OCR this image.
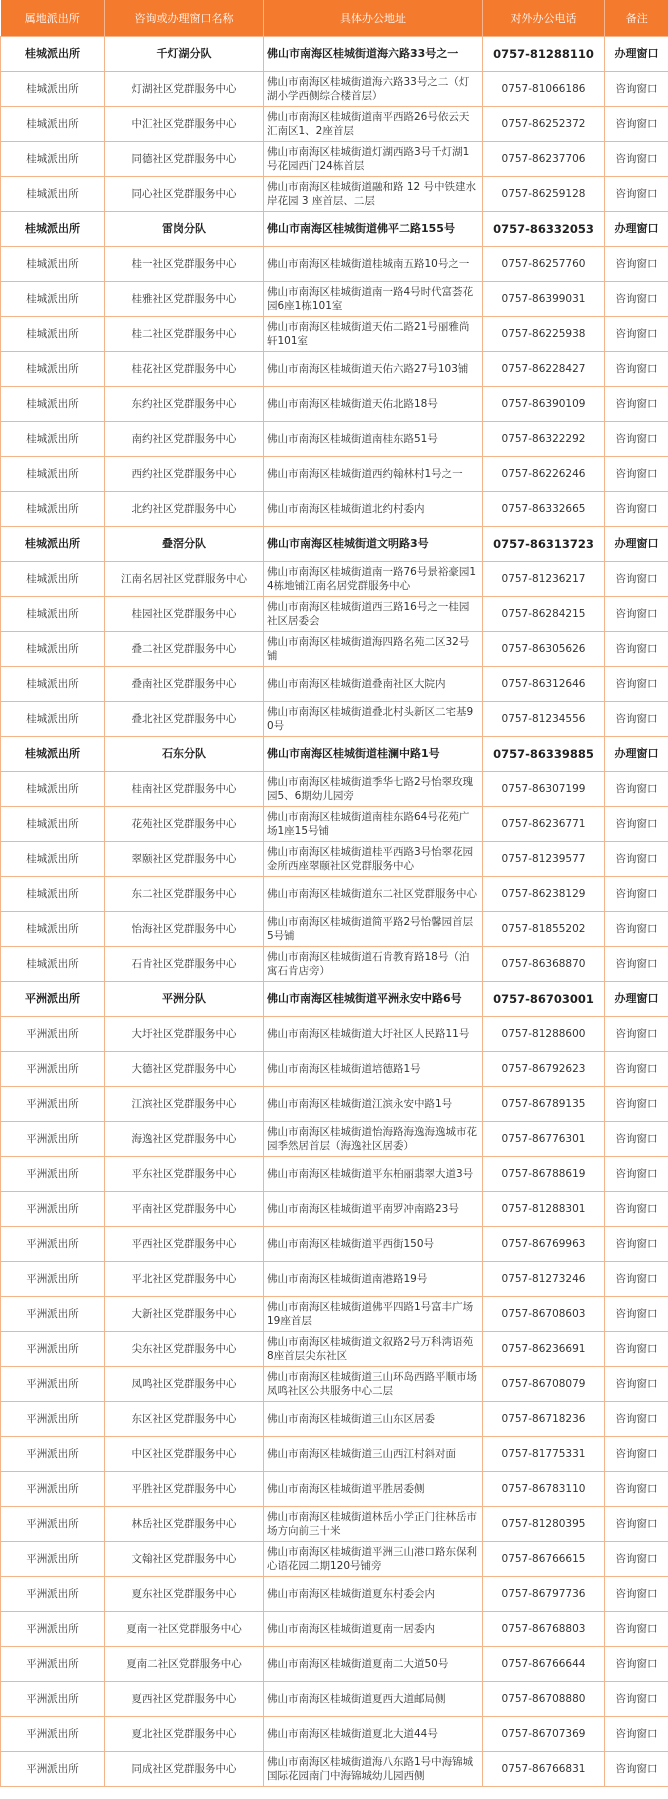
属地派出所	咨询或办理窗口名称	具体办公地址	对外办公电话	备注
桂城派出所	千灯湖分队	佛山市南海区桂城街道海六路33号之一	0757-81288110	办理窗口
桂城派出所	灯湖社区党群服务中心	佛山市南海区桂城街道海六路33号之二（灯湖小学西侧综合楼首层）	0757-81066186	咨询窗口
桂城派出所	中汇社区党群服务中心	佛山市南海区桂城街道南平西路26号依云天汇南区1、2座首层	0757-86252372	咨询窗口
桂城派出所	同德社区党群服务中心	佛山市南海区桂城街道灯湖西路3号千灯湖1号花园西门24栋首层	0757-86237706	咨询窗口
桂城派出所	同心社区党群服务中心	佛山市南海区桂城街道融和路 12 号中铁建水岸花园 3 座首层、二层	0757-86259128	咨询窗口
桂城派出所	雷岗分队	佛山市南海区桂城街道佛平二路155号	0757-86332053	办理窗口
桂城派出所	桂一社区党群服务中心	佛山市南海区桂城街道桂城南五路10号之一	0757-86257760	咨询窗口
桂城派出所	桂雅社区党群服务中心	佛山市南海区桂城街道南一路4号时代富荟花园6座1栋101室	0757-86399031	咨询窗口
桂城派出所	桂二社区党群服务中心	佛山市南海区桂城街道天佑二路21号丽雅尚轩101室	0757-86225938	咨询窗口
桂城派出所	桂花社区党群服务中心	佛山市南海区桂城街道天佑六路27号103铺	0757-86228427	咨询窗口
桂城派出所	东约社区党群服务中心	佛山市南海区桂城街道天佑北路18号	0757-86390109	咨询窗口
桂城派出所	南约社区党群服务中心	佛山市南海区桂城街道南桂东路51号	0757-86322292	咨询窗口
桂城派出所	西约社区党群服务中心	佛山市南海区桂城街道西约翰林村1号之一	0757-86226246	咨询窗口
桂城派出所	北约社区党群服务中心	佛山市南海区桂城街道北约村委内	0757-86332665	咨询窗口
桂城派出所	叠滘分队	佛山市南海区桂城街道文明路3号	0757-86313723	办理窗口
桂城派出所	江南名居社区党群服务中心	佛山市南海区桂城街道南一路76号景裕豪园14栋地铺江南名居党群服务中心	0757-81236217	咨询窗口
桂城派出所	桂园社区党群服务中心	佛山市南海区桂城街道西三路16号之一桂园社区居委会	0757-86284215	咨询窗口
桂城派出所	叠二社区党群服务中心	佛山市南海区桂城街道海四路名苑二区32号铺	0757-86305626	咨询窗口
桂城派出所	叠南社区党群服务中心	佛山市南海区桂城街道叠南社区大院内	0757-86312646	咨询窗口
桂城派出所	叠北社区党群服务中心	佛山市南海区桂城街道叠北村头新区二宅基90号	0757-81234556	咨询窗口
桂城派出所	石东分队	佛山市南海区桂城街道桂澜中路1号	0757-86339885	办理窗口
桂城派出所	桂南社区党群服务中心	佛山市南海区桂城街道季华七路2号怡翠玫瑰园5、6期幼儿园旁	0757-86307199	咨询窗口
桂城派出所	花苑社区党群服务中心	佛山市南海区桂城街道南桂东路64号花苑广场1座15号铺	0757-86236771	咨询窗口
桂城派出所	翠颐社区党群服务中心	佛山市南海区桂城街道桂平西路3号怡翠花园金所西座翠颐社区党群服务中心	0757-81239577	咨询窗口
桂城派出所	东二社区党群服务中心	佛山市南海区桂城街道东二社区党群服务中心	0757-86238129	咨询窗口
桂城派出所	怡海社区党群服务中心	佛山市南海区桂城街道简平路2号怡馨园首层5号铺	0757-81855202	咨询窗口
桂城派出所	石肯社区党群服务中心	佛山市南海区桂城街道石肯教育路18号（泊寓石肯店旁）	0757-86368870	咨询窗口
平洲派出所	平洲分队	佛山市南海区桂城街道平洲永安中路6号	0757-86703001	办理窗口
平洲派出所	大圩社区党群服务中心	佛山市南海区桂城街道大圩社区人民路11号	0757-81288600	咨询窗口
平洲派出所	大德社区党群服务中心	佛山市南海区桂城街道培德路1号	0757-86792623	咨询窗口
平洲派出所	江滨社区党群服务中心	佛山市南海区桂城街道江滨永安中路1号	0757-86789135	咨询窗口
平洲派出所	海逸社区党群服务中心	佛山市南海区桂城街道怡海路海逸海逸城市花园季然居首层（海逸社区居委）	0757-86776301	咨询窗口
平洲派出所	平东社区党群服务中心	佛山市南海区桂城街道平东柏丽翡翠大道3号	0757-86788619	咨询窗口
平洲派出所	平南社区党群服务中心	佛山市南海区桂城街道平南罗冲南路23号	0757-81288301	咨询窗口
平洲派出所	平西社区党群服务中心	佛山市南海区桂城街道平西街150号	0757-86769963	咨询窗口
平洲派出所	平北社区党群服务中心	佛山市南海区桂城街道南港路19号	0757-81273246	咨询窗口
平洲派出所	大新社区党群服务中心	佛山市南海区桂城街道佛平四路1号富丰广场19座首层	0757-86708603	咨询窗口
平洲派出所	尖东社区党群服务中心	佛山市南海区桂城街道文叙路2号万科湾语苑8座首层尖东社区	0757-86236691	咨询窗口
平洲派出所	凤鸣社区党群服务中心	佛山市南海区桂城街道三山环岛西路平顺市场凤鸣社区公共服务中心二层	0757-86708079	咨询窗口
平洲派出所	东区社区党群服务中心	佛山市南海区桂城街道三山东区居委	0757-86718236	咨询窗口
平洲派出所	中区社区党群服务中心	佛山市南海区桂城街道三山西江村斜对面	0757-81775331	咨询窗口
平洲派出所	平胜社区党群服务中心	佛山市南海区桂城街道平胜居委侧	0757-86783110	咨询窗口
平洲派出所	林岳社区党群服务中心	佛山市南海区桂城街道林岳小学正门往林岳市场方向前三十米	0757-81280395	咨询窗口
平洲派出所	文翰社区党群服务中心	佛山市南海区桂城街道平洲三山港口路东保利心语花园二期120号铺旁	0757-86766615	咨询窗口
平洲派出所	夏东社区党群服务中心	佛山市南海区桂城街道夏东村委会内	0757-86797736	咨询窗口
平洲派出所	夏南一社区党群服务中心	佛山市南海区桂城街道夏南一居委内	0757-86768803	咨询窗口
平洲派出所	夏南二社区党群服务中心	佛山市南海区桂城街道夏南二大道50号	0757-86766644	咨询窗口
平洲派出所	夏西社区党群服务中心	佛山市南海区桂城街道夏西大道邮局侧	0757-86708880	咨询窗口
平洲派出所	夏北社区党群服务中心	佛山市南海区桂城街道夏北大道44号	0757-86707369	咨询窗口
平洲派出所	同成社区党群服务中心	佛山市南海区桂城街道海八东路1号中海锦城国际花园南门中海锦城幼儿园西侧	0757-86766831	咨询窗口
